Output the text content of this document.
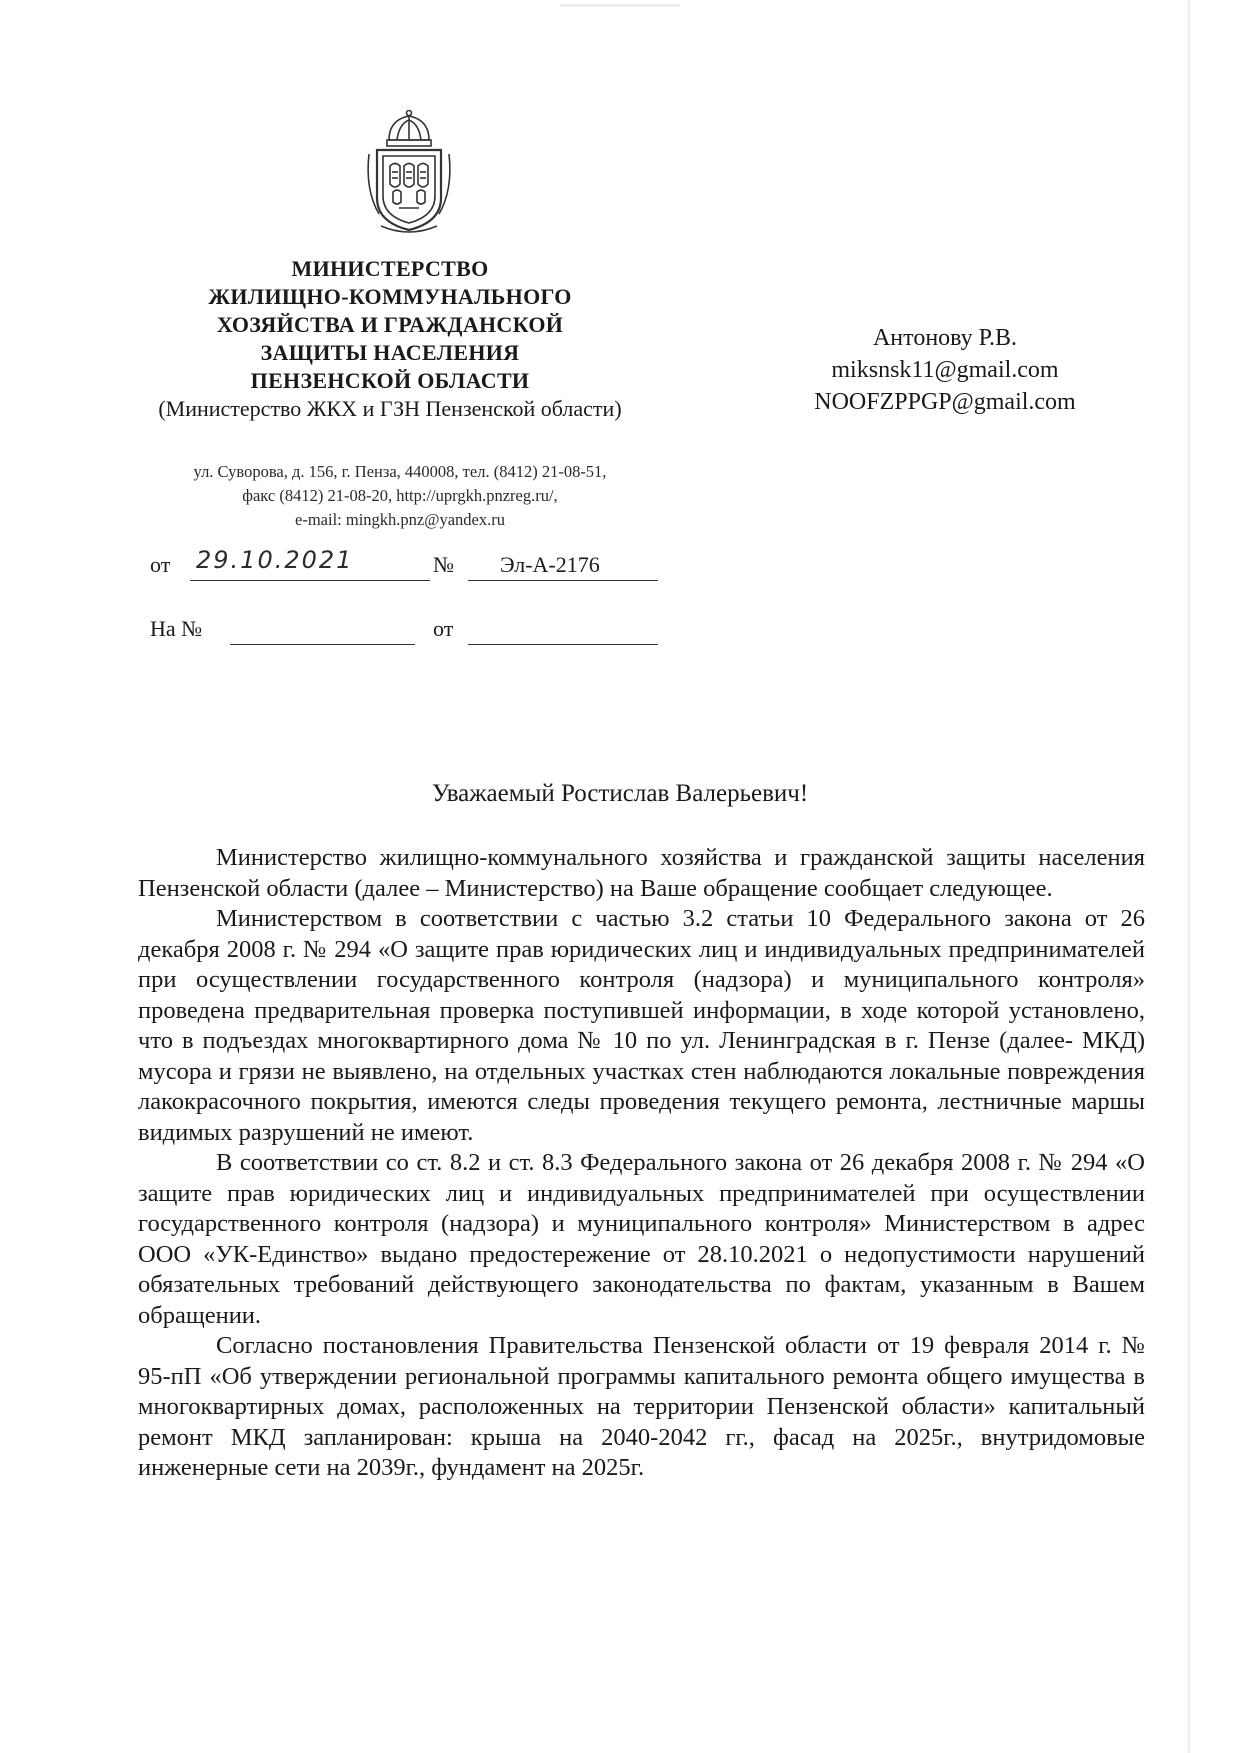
МИНИСТЕРСТВО
ЖИЛИЩНО-КОММУНАЛЬНОГО
ХОЗЯЙСТВА И ГРАЖДАНСКОЙ
ЗАЩИТЫ НАСЕЛЕНИЯ
ПЕНЗЕНСКОЙ ОБЛАСТИ
(Министерство ЖКХ и ГЗН Пензенской области)
ул. Суворова, д. 156, г. Пенза, 440008, тел. (8412) 21-08-51,
факс (8412) 21-08-20, http://uprgkh.pnzreg.ru/,
e-mail: mingkh.pnz@yandex.ru
Антонову Р.В.
miksnsk11@gmail.com
NOOFZPPGP@gmail.com
от 29.10.2021	№ Эл-А-2176
На №	от
Уважаемый Ростислав Валерьевич!

Министерство жилищно-коммунального хозяйства и гражданской защиты населения Пензенской области (далее – Министерство) на Ваше обращение сообщает следующее.

Министерством в соответствии с частью 3.2 статьи 10 Федерального закона от 26 декабря 2008 г. № 294 «О защите прав юридических лиц и индивидуальных предпринимателей при осуществлении государственного контроля (надзора) и муниципального контроля» проведена предварительная проверка поступившей информации, в ходе которой установлено, что в подъездах многоквартирного дома № 10 по ул. Ленинградская в г. Пензе (далее- МКД) мусора и грязи не выявлено, на отдельных участках стен наблюдаются локальные повреждения лакокрасочного покрытия, имеются следы проведения текущего ремонта, лестничные маршы видимых разрушений не имеют.

В соответствии со ст. 8.2 и ст. 8.3 Федерального закона от 26 декабря 2008 г. № 294 «О защите прав юридических лиц и индивидуальных предпринимателей при осуществлении государственного контроля (надзора) и муниципального контроля» Министерством в адрес ООО «УК-Единство» выдано предостережение от 28.10.2021 о недопустимости нарушений обязательных требований действующего законодательства по фактам, указанным в Вашем обращении.

Согласно постановления Правительства Пензенской области от 19 февраля 2014 г. № 95-пП «Об утверждении региональной программы капитального ремонта общего имущества в многоквартирных домах, расположенных на территории Пензенской области» капитальный ремонт МКД запланирован: крыша на 2040-2042 гг., фасад на 2025г., внутридомовые инженерные сети на 2039г., фундамент на 2025г.
